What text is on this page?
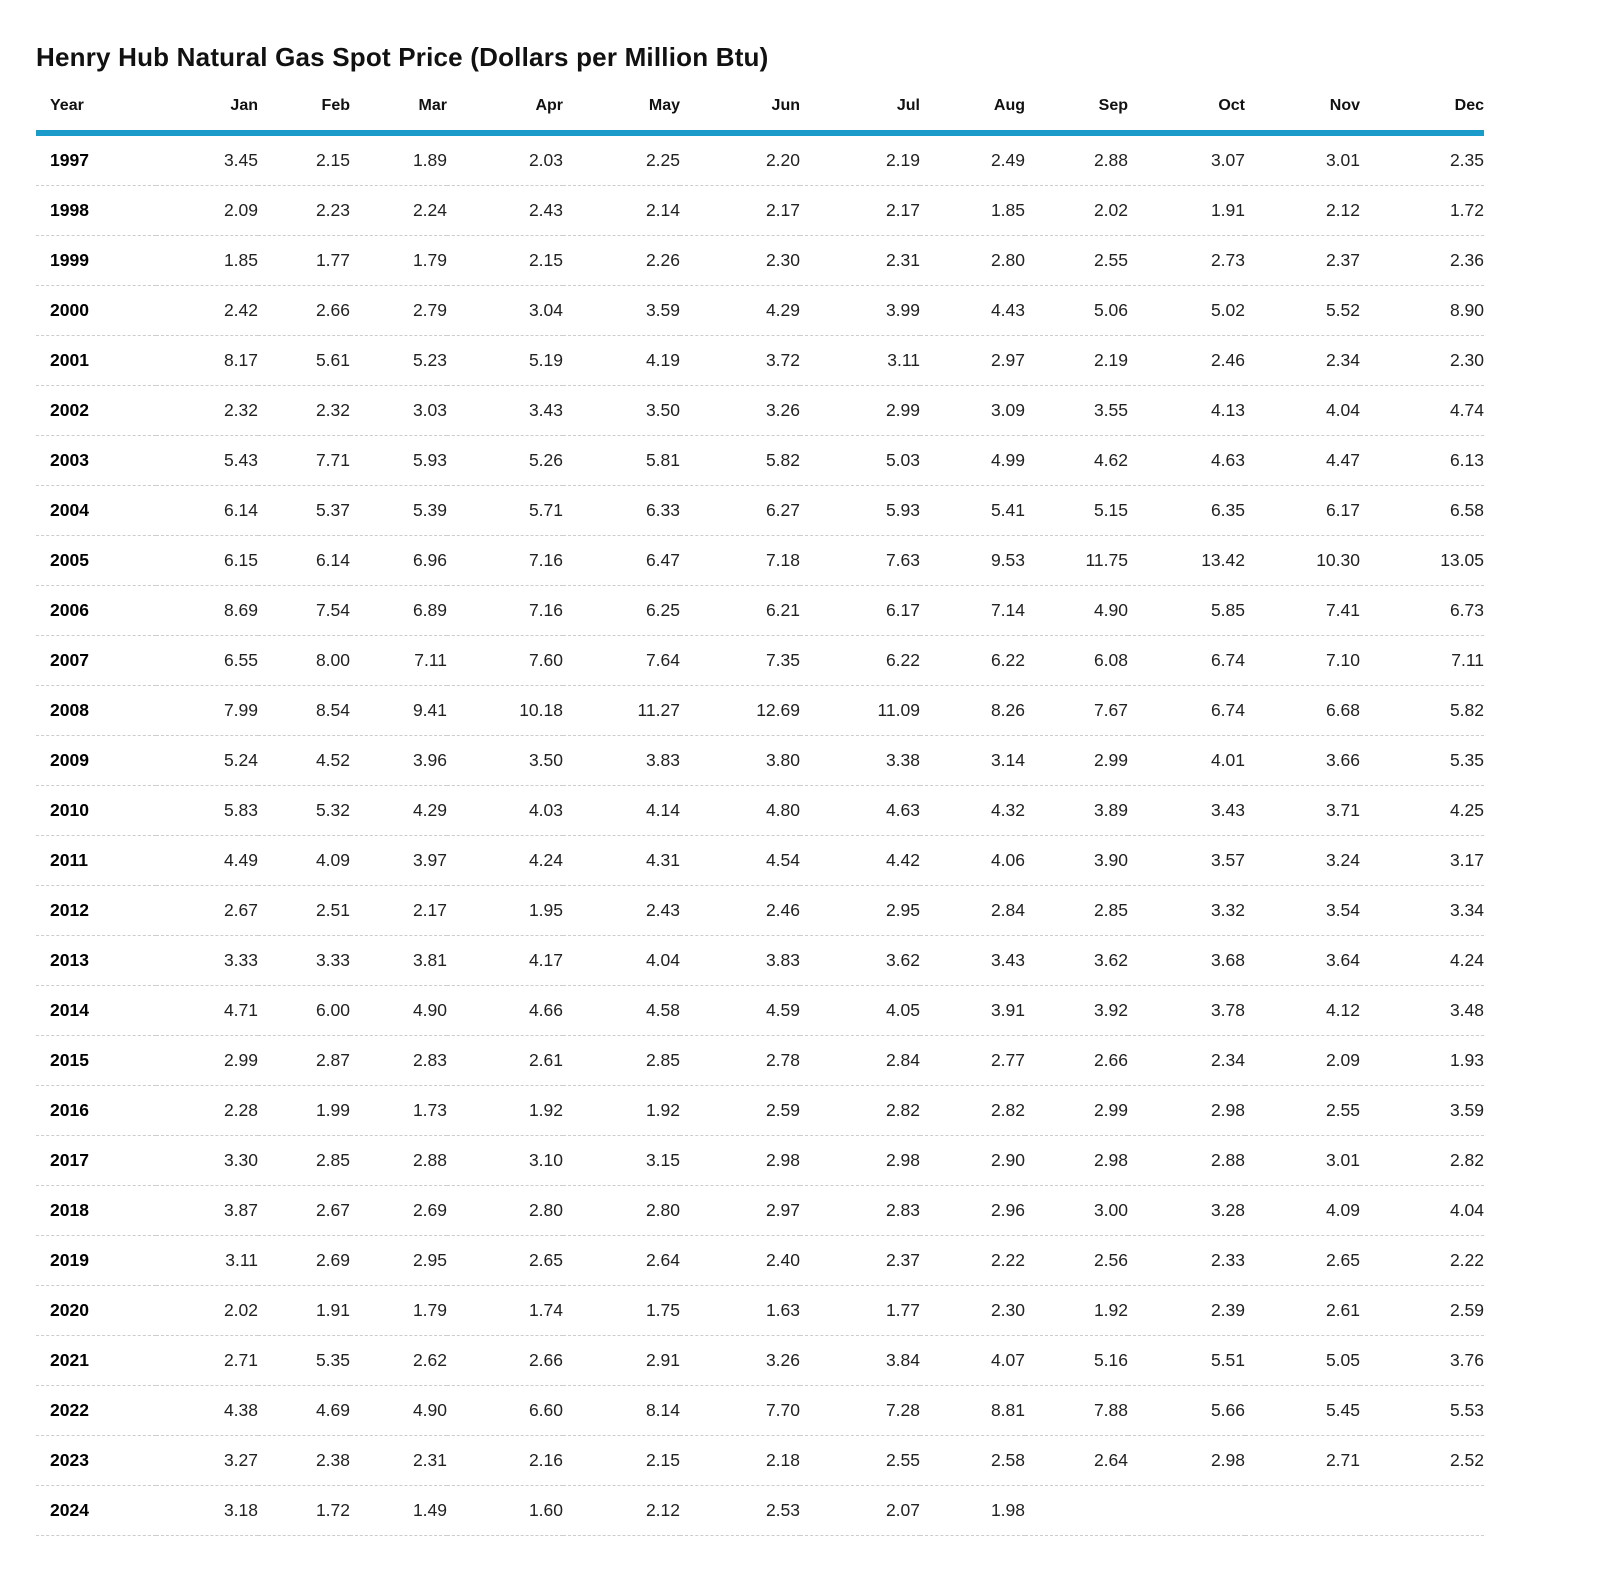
Henry Hub Natural Gas Spot Price (Dollars per Million Btu)
Year	Jan	Feb	Mar	Apr	May	Jun	Jul	Aug	Sep	Oct	Nov	Dec
1997	3.45	2.15	1.89	2.03	2.25	2.20	2.19	2.49	2.88	3.07	3.01	2.35
1998	2.09	2.23	2.24	2.43	2.14	2.17	2.17	1.85	2.02	1.91	2.12	1.72
1999	1.85	1.77	1.79	2.15	2.26	2.30	2.31	2.80	2.55	2.73	2.37	2.36
2000	2.42	2.66	2.79	3.04	3.59	4.29	3.99	4.43	5.06	5.02	5.52	8.90
2001	8.17	5.61	5.23	5.19	4.19	3.72	3.11	2.97	2.19	2.46	2.34	2.30
2002	2.32	2.32	3.03	3.43	3.50	3.26	2.99	3.09	3.55	4.13	4.04	4.74
2003	5.43	7.71	5.93	5.26	5.81	5.82	5.03	4.99	4.62	4.63	4.47	6.13
2004	6.14	5.37	5.39	5.71	6.33	6.27	5.93	5.41	5.15	6.35	6.17	6.58
2005	6.15	6.14	6.96	7.16	6.47	7.18	7.63	9.53	11.75	13.42	10.30	13.05
2006	8.69	7.54	6.89	7.16	6.25	6.21	6.17	7.14	4.90	5.85	7.41	6.73
2007	6.55	8.00	7.11	7.60	7.64	7.35	6.22	6.22	6.08	6.74	7.10	7.11
2008	7.99	8.54	9.41	10.18	11.27	12.69	11.09	8.26	7.67	6.74	6.68	5.82
2009	5.24	4.52	3.96	3.50	3.83	3.80	3.38	3.14	2.99	4.01	3.66	5.35
2010	5.83	5.32	4.29	4.03	4.14	4.80	4.63	4.32	3.89	3.43	3.71	4.25
2011	4.49	4.09	3.97	4.24	4.31	4.54	4.42	4.06	3.90	3.57	3.24	3.17
2012	2.67	2.51	2.17	1.95	2.43	2.46	2.95	2.84	2.85	3.32	3.54	3.34
2013	3.33	3.33	3.81	4.17	4.04	3.83	3.62	3.43	3.62	3.68	3.64	4.24
2014	4.71	6.00	4.90	4.66	4.58	4.59	4.05	3.91	3.92	3.78	4.12	3.48
2015	2.99	2.87	2.83	2.61	2.85	2.78	2.84	2.77	2.66	2.34	2.09	1.93
2016	2.28	1.99	1.73	1.92	1.92	2.59	2.82	2.82	2.99	2.98	2.55	3.59
2017	3.30	2.85	2.88	3.10	3.15	2.98	2.98	2.90	2.98	2.88	3.01	2.82
2018	3.87	2.67	2.69	2.80	2.80	2.97	2.83	2.96	3.00	3.28	4.09	4.04
2019	3.11	2.69	2.95	2.65	2.64	2.40	2.37	2.22	2.56	2.33	2.65	2.22
2020	2.02	1.91	1.79	1.74	1.75	1.63	1.77	2.30	1.92	2.39	2.61	2.59
2021	2.71	5.35	2.62	2.66	2.91	3.26	3.84	4.07	5.16	5.51	5.05	3.76
2022	4.38	4.69	4.90	6.60	8.14	7.70	7.28	8.81	7.88	5.66	5.45	5.53
2023	3.27	2.38	2.31	2.16	2.15	2.18	2.55	2.58	2.64	2.98	2.71	2.52
2024	3.18	1.72	1.49	1.60	2.12	2.53	2.07	1.98				
